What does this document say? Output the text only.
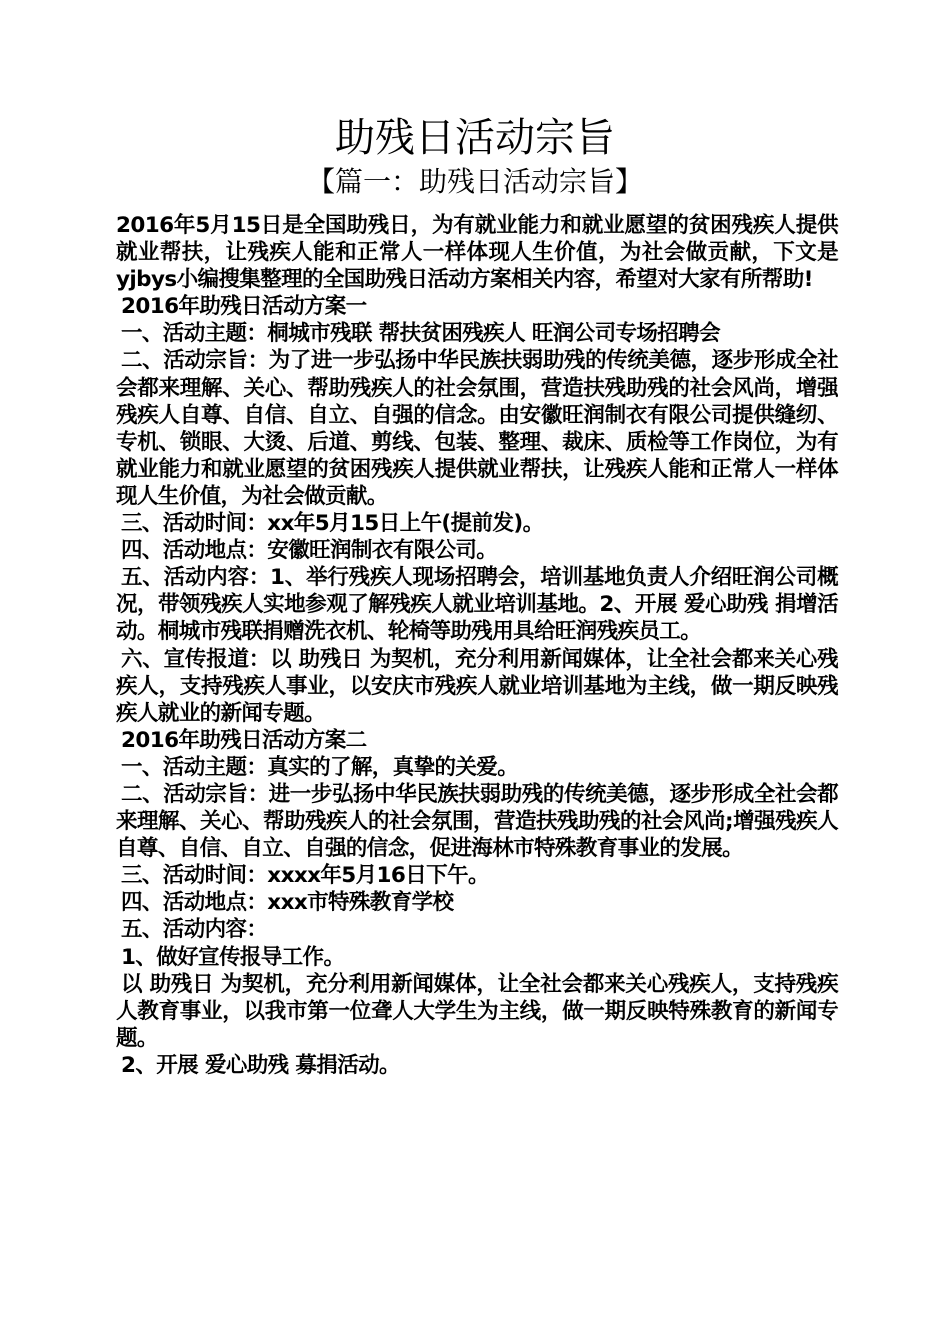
助残日活动宗旨
【篇一：助残日活动宗旨】

2016年5月15日是全国助残日，为有就业能力和就业愿望的贫困残疾人提供就业帮扶，让残疾人能和正常人一样体现人生价值，为社会做贡献，下文是yjbys小编搜集整理的全国助残日活动方案相关内容，希望对大家有所帮助!

2016年助残日活动方案一

一、活动主题：桐城市残联 帮扶贫困残疾人 旺润公司专场招聘会

二、活动宗旨：为了进一步弘扬中华民族扶弱助残的传统美德，逐步形成全社会都来理解、关心、帮助残疾人的社会氛围，营造扶残助残的社会风尚，增强残疾人自尊、自信、自立、自强的信念。由安徽旺润制衣有限公司提供缝纫、专机、锁眼、大烫、后道、剪线、包装、整理、裁床、质检等工作岗位，为有就业能力和就业愿望的贫困残疾人提供就业帮扶，让残疾人能和正常人一样体现人生价值，为社会做贡献。

三、活动时间：xx年5月15日上午(提前发)。

四、活动地点：安徽旺润制衣有限公司。

五、活动内容：1、举行残疾人现场招聘会，培训基地负责人介绍旺润公司概况，带领残疾人实地参观了解残疾人就业培训基地。2、开展 爱心助残 捐增活动。桐城市残联捐赠洗衣机、轮椅等助残用具给旺润残疾员工。

六、宣传报道：以 助残日 为契机，充分利用新闻媒体，让全社会都来关心残疾人，支持残疾人事业，以安庆市残疾人就业培训基地为主线，做一期反映残疾人就业的新闻专题。

2016年助残日活动方案二

一、活动主题：真实的了解，真挚的关爱。

二、活动宗旨：进一步弘扬中华民族扶弱助残的传统美德，逐步形成全社会都来理解、关心、帮助残疾人的社会氛围，营造扶残助残的社会风尚;增强残疾人自尊、自信、自立、自强的信念，促进海林市特殊教育事业的发展。

三、活动时间：xxxx年5月16日下午。

四、活动地点：xxx市特殊教育学校

五、活动内容：

1、做好宣传报导工作。

以 助残日 为契机，充分利用新闻媒体，让全社会都来关心残疾人，支持残疾人教育事业，以我市第一位聋人大学生为主线，做一期反映特殊教育的新闻专题。

2、开展 爱心助残 募捐活动。
